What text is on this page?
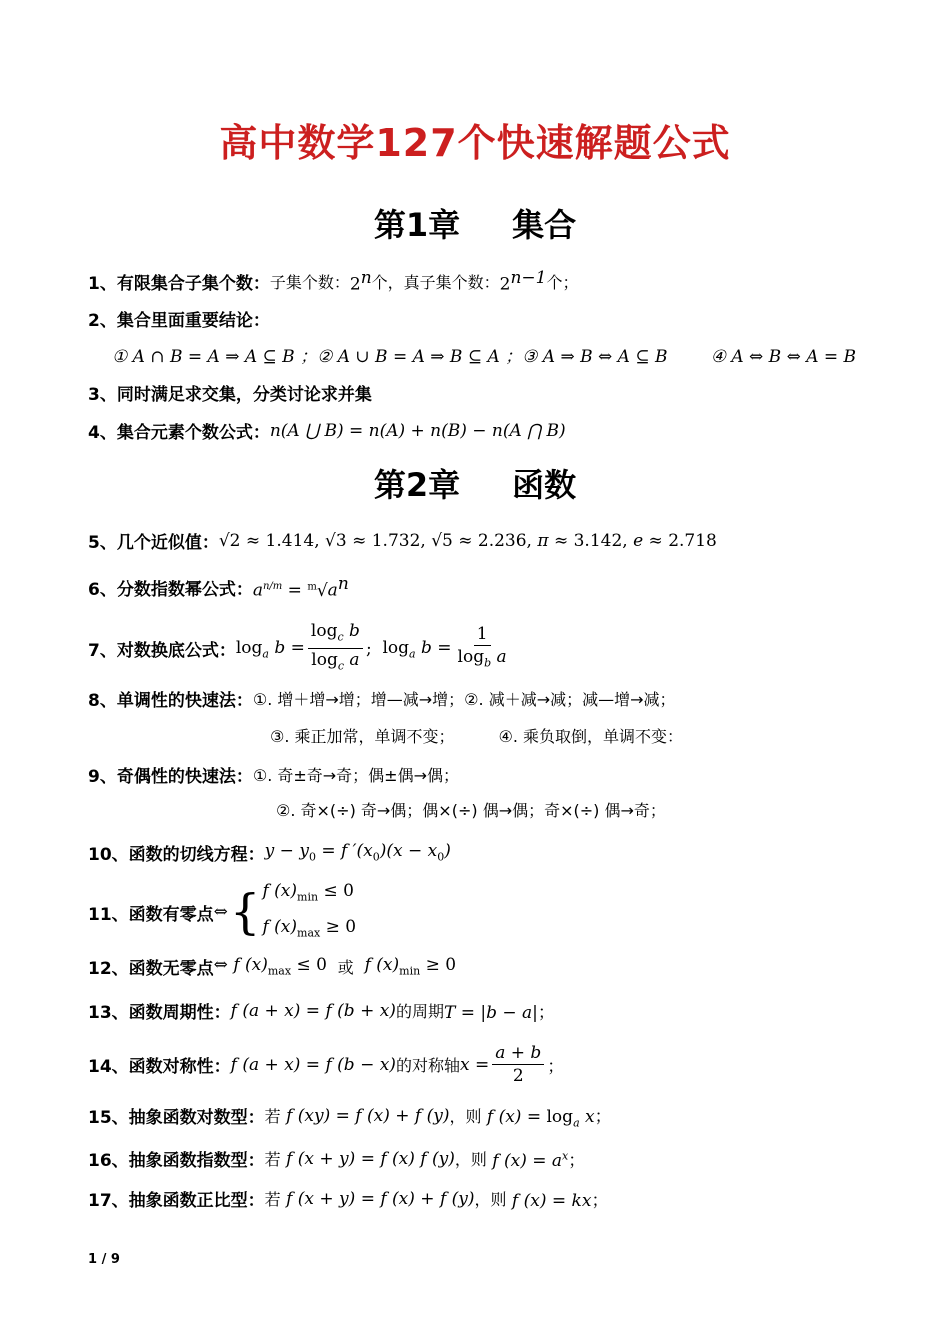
高中数学127个快速解题公式
第1章 集合
1、有限集合子集个数： 子集个数： 2$^n$ 个，真子集个数： $2^{n-1}$ 个；
2、集合里面重要结论：
① A ∩ B = A ⇒ A ⊆ B ；② A ∪ B = A ⇒ B ⊆ A ；③ A ⇒ B ⇔ A ⊆ B        ④ A ⇔ B ⇔ A = B
3、同时满足求交集，分类讨论求并集
4、集合元素个数公式： n(A ⋃ B) = n(A) + n(B) − n(A ⋂ B)
第2章 函数
5、几个近似值： √2 ≈ 1.414, √3 ≈ 1.732, √5 ≈ 2.236, π ≈ 3.142, e ≈ 2.718
6、分数指数幂公式： $a^{n/m} = ^m√a^n$
7、对数换底公式： $\log_a b = \frac{\log_c b}{\log_c a}$ ; $\log_a b = \frac{1}{\log_b a}$
8、单调性的快速法： ①. 增＋增→增；增—减→增；②. 减＋减→减；减—增→减；
③. 乘正加常，单调不变；	④. 乘负取倒，单调不变：
9、奇偶性的快速法： ①. 奇±奇→奇；偶±偶→偶；
②. 奇×(÷) 奇→偶；偶×(÷) 偶→偶；奇×(÷) 偶→奇；
10、函数的切线方程： $y - y_0 = f$ $'(x_0)(x - x_0)$
11、函数有零点 ⇔ { f $(x)_{min} \le 0$
f $(x)_{max} \ge 0$
12、函数无零点 ⇔ f $(x)_{max} \le 0$ 或 f $(x)_{min} \ge 0$
13、函数周期性： f (a + x) = f (b + x) 的周期 T = |b − a|；
14、函数对称性： f (a + x) = f (b − x) 的对称轴 $x = \frac{a + b}{2}$ ；
15、抽象函数对数型： 若 f (xy) = f (x) + f (y) ，则 f $(x) = \log_a x$；
16、抽象函数指数型： 若 f (x + y) = f (x) f (y) ，则 f $(x) = a^x$；
17、抽象函数正比型： 若 f (x + y) = f (x) + f (y) ，则 f (x) = kx；
1 / 9
